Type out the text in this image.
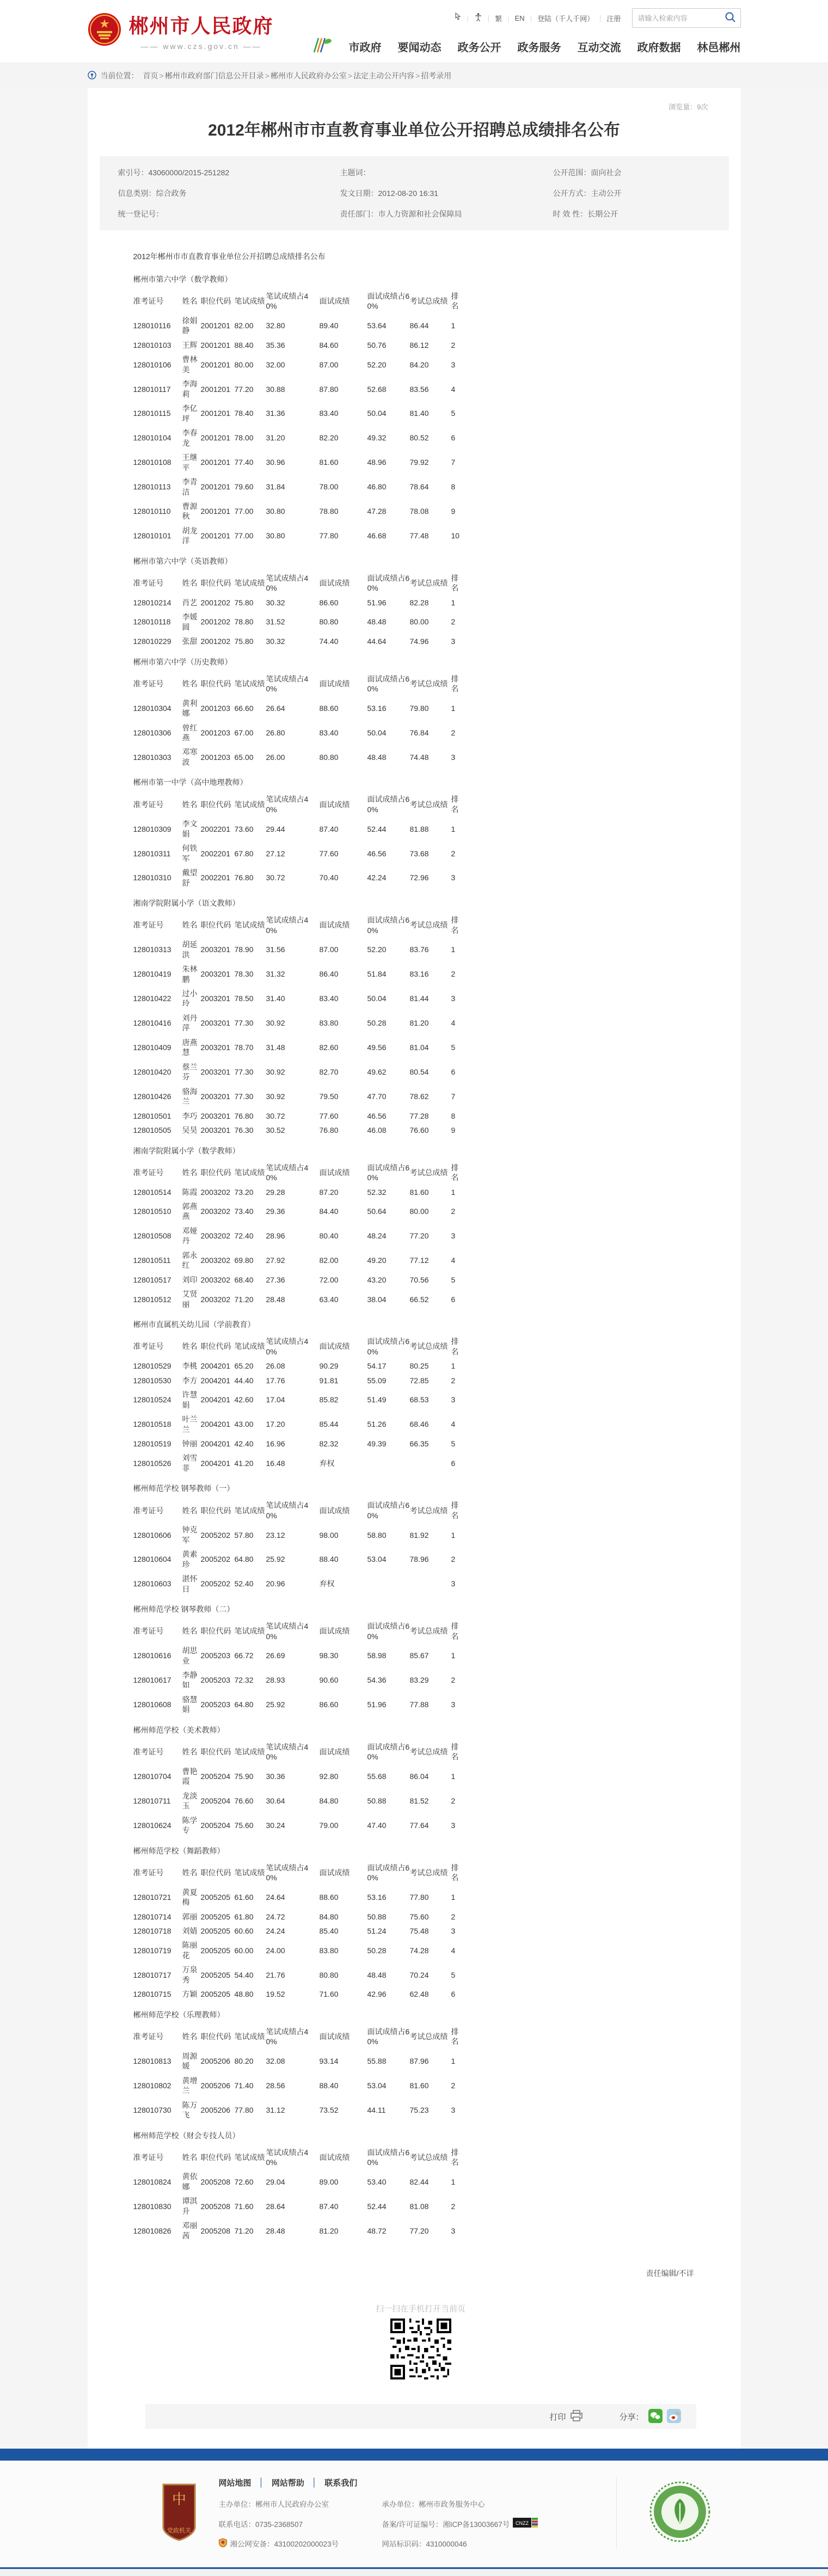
★ 郴州市人民政府
—— www.czs.gov.cn ——
|	| 繁 | EN | 登陆（千人千网） | 注册
请输入检索内容
市政府 要闻动态 政务公开 政务服务 互动交流 政府数据 林邑郴州
当前位置： 首页 > 郴州市政府部门信息公开目录 > 郴州市人民政府办公室 > 法定主动公开内容 > 招考录用
浏览量：9次
2012年郴州市市直教育事业单位公开招聘总成绩排名公布
索引号：43060000/2015-251282	主题词：	公开范围：面向社会
信息类别：综合政务	发文日期：2012-08-20 16:31	公开方式：主动公开
统一登记号：	责任部门：市人力资源和社会保障局	时 效 性：长期公开

2012年郴州市市直教育事业单位公开招聘总成绩排名公布

郴州市第六中学（数学教师）
准考证号	姓名	职位代码	笔试成绩	笔试成绩占40%	面试成绩	面试成绩占60%	考试总成绩	排名
128010116	徐娟静	2001201	82.00	32.80	89.40	53.64	86.44	1
128010103	王辉	2001201	88.40	35.36	84.60	50.76	86.12	2
128010106	曹林美	2001201	80.00	32.00	87.00	52.20	84.20	3
128010117	李海莉	2001201	77.20	30.88	87.80	52.68	83.56	4
128010115	李亿坪	2001201	78.40	31.36	83.40	50.04	81.40	5
128010104	李春龙	2001201	78.00	31.20	82.20	49.32	80.52	6
128010108	王继平	2001201	77.40	30.96	81.60	48.96	79.92	7
128010113	李青洁	2001201	79.60	31.84	78.00	46.80	78.64	8
128010110	曹源秋	2001201	77.00	30.80	78.80	47.28	78.08	9
128010101	胡龙洋	2001201	77.00	30.80	77.80	46.68	77.48	10
郴州市第六中学（英语教师）
准考证号	姓名	职位代码	笔试成绩	笔试成绩占40%	面试成绩	面试成绩占60%	考试总成绩	排名
128010214	肖艺	2001202	75.80	30.32	86.60	51.96	82.28	1
128010118	李媛圆	2001202	78.80	31.52	80.80	48.48	80.00	2
128010229	张甜	2001202	75.80	30.32	74.40	44.64	74.96	3
郴州市第六中学（历史教师）
准考证号	姓名	职位代码	笔试成绩	笔试成绩占40%	面试成绩	面试成绩占60%	考试总成绩	排名
128010304	黄利娜	2001203	66.60	26.64	88.60	53.16	79.80	1
128010306	曾红燕	2001203	67.00	26.80	83.40	50.04	76.84	2
128010303	邓寒波	2001203	65.00	26.00	80.80	48.48	74.48	3
郴州市第一中学（高中地理教师）
准考证号	姓名	职位代码	笔试成绩	笔试成绩占40%	面试成绩	面试成绩占60%	考试总成绩	排名
128010309	李文娟	2002201	73.60	29.44	87.40	52.44	81.88	1
128010311	何铁军	2002201	67.80	27.12	77.60	46.56	73.68	2
128010310	戴望舒	2002201	76.80	30.72	70.40	42.24	72.96	3
湘南学院附属小学（语文教师）
准考证号	姓名	职位代码	笔试成绩	笔试成绩占40%	面试成绩	面试成绩占60%	考试总成绩	排名
128010313	胡延洪	2003201	78.90	31.56	87.00	52.20	83.76	1
128010419	朱林鹏	2003201	78.30	31.32	86.40	51.84	83.16	2
128010422	过小玲	2003201	78.50	31.40	83.40	50.04	81.44	3
128010416	刘丹萍	2003201	77.30	30.92	83.80	50.28	81.20	4
128010409	唐燕慧	2003201	78.70	31.48	82.60	49.56	81.04	5
128010420	蔡兰芬	2003201	77.30	30.92	82.70	49.62	80.54	6
128010426	骆海兰	2003201	77.30	30.92	79.50	47.70	78.62	7
128010501	李巧	2003201	76.80	30.72	77.60	46.56	77.28	8
128010505	吴昊	2003201	76.30	30.52	76.80	46.08	76.60	9
湘南学院附属小学（数学教师）
准考证号	姓名	职位代码	笔试成绩	笔试成绩占40%	面试成绩	面试成绩占60%	考试总成绩	排名
128010514	陈霞	2003202	73.20	29.28	87.20	52.32	81.60	1
128010510	郭燕燕	2003202	73.40	29.36	84.40	50.64	80.00	2
128010508	邓娅丹	2003202	72.40	28.96	80.40	48.24	77.20	3
128010511	郭永红	2003202	69.80	27.92	82.00	49.20	77.12	4
128010517	刘印	2003202	68.40	27.36	72.00	43.20	70.56	5
128010512	艾贤丽	2003202	71.20	28.48	63.40	38.04	66.52	6
郴州市直属机关幼儿园（学前教育）
准考证号	姓名	职位代码	笔试成绩	笔试成绩占40%	面试成绩	面试成绩占60%	考试总成绩	排名
128010529	李桃	2004201	65.20	26.08	90.29	54.17	80.25	1
128010530	李方	2004201	44.40	17.76	91.81	55.09	72.85	2
128010524	许慧娟	2004201	42.60	17.04	85.82	51.49	68.53	3
128010518	叶兰兰	2004201	43.00	17.20	85.44	51.26	68.46	4
128010519	钟丽	2004201	42.40	16.96	82.32	49.39	66.35	5
128010526	刘雪菲	2004201	41.20	16.48	弃权			6
郴州师范学校 钢琴教师（一）
准考证号	姓名	职位代码	笔试成绩	笔试成绩占40%	面试成绩	面试成绩占60%	考试总成绩	排名
128010606	钟克军	2005202	57.80	23.12	98.00	58.80	81.92	1
128010604	黄素珍	2005202	64.80	25.92	88.40	53.04	78.96	2
128010603	湛怀日	2005202	52.40	20.96	弃权			3
郴州师范学校 钢琴教师（二）
准考证号	姓名	职位代码	笔试成绩	笔试成绩占40%	面试成绩	面试成绩占60%	考试总成绩	排名
128010616	胡思业	2005203	66.72	26.69	98.30	58.98	85.67	1
128010617	李静如	2005203	72.32	28.93	90.60	54.36	83.29	2
128010608	骆慧娟	2005203	64.80	25.92	86.60	51.96	77.88	3
郴州师范学校（美术教师）
准考证号	姓名	职位代码	笔试成绩	笔试成绩占40%	面试成绩	面试成绩占60%	考试总成绩	排名
128010704	曹艳霞	2005204	75.90	30.36	92.80	55.68	86.04	1
128010711	龙淡玉	2005204	76.60	30.64	84.80	50.88	81.52	2
128010624	陈学专	2005204	75.60	30.24	79.00	47.40	77.64	3
郴州师范学校（舞蹈教师）
准考证号	姓名	职位代码	笔试成绩	笔试成绩占40%	面试成绩	面试成绩占60%	考试总成绩	排名
128010721	黄夏梅	2005205	61.60	24.64	88.60	53.16	77.80	1
128010714	郭丽	2005205	61.80	24.72	84.80	50.88	75.60	2
128010718	刘婧	2005205	60.60	24.24	85.40	51.24	75.48	3
128010719	陈丽花	2005205	60.00	24.00	83.80	50.28	74.28	4
128010717	万泉秀	2005205	54.40	21.76	80.80	48.48	70.24	5
128010715	方颖	2005205	48.80	19.52	71.60	42.96	62.48	6
郴州师范学校（乐理教师）
准考证号	姓名	职位代码	笔试成绩	笔试成绩占40%	面试成绩	面试成绩占60%	考试总成绩	排名
128010813	周源媛	2005206	80.20	32.08	93.14	55.88	87.96	1
128010802	黄增兰	2005206	71.40	28.56	88.40	53.04	81.60	2
128010730	陈万飞	2005206	77.80	31.12	73.52	44.11	75.23	3
郴州师范学校（财会专技人员）
准考证号	姓名	职位代码	笔试成绩	笔试成绩占40%	面试成绩	面试成绩占60%	考试总成绩	排名
128010824	黄依娜	2005208	72.60	29.04	89.00	53.40	82.44	1
128010830	谭淇升	2005208	71.60	28.64	87.40	52.44	81.08	2
128010826	邓丽茜	2005208	71.20	28.48	81.20	48.72	77.20	3
责任编辑/不详
扫一扫在手机打开当前页
打印	分享：
中
党政机关
网站地图 │ 网站帮助 │ 联系我们
主办单位：郴州市人民政府办公室	承办单位：郴州市政务服务中心
联系电话：0735-2368507	备案/许可证编号：湘ICP备13003667号 CNZZ
湘公网安备：43100202000023号	网站标识码：4310000046
